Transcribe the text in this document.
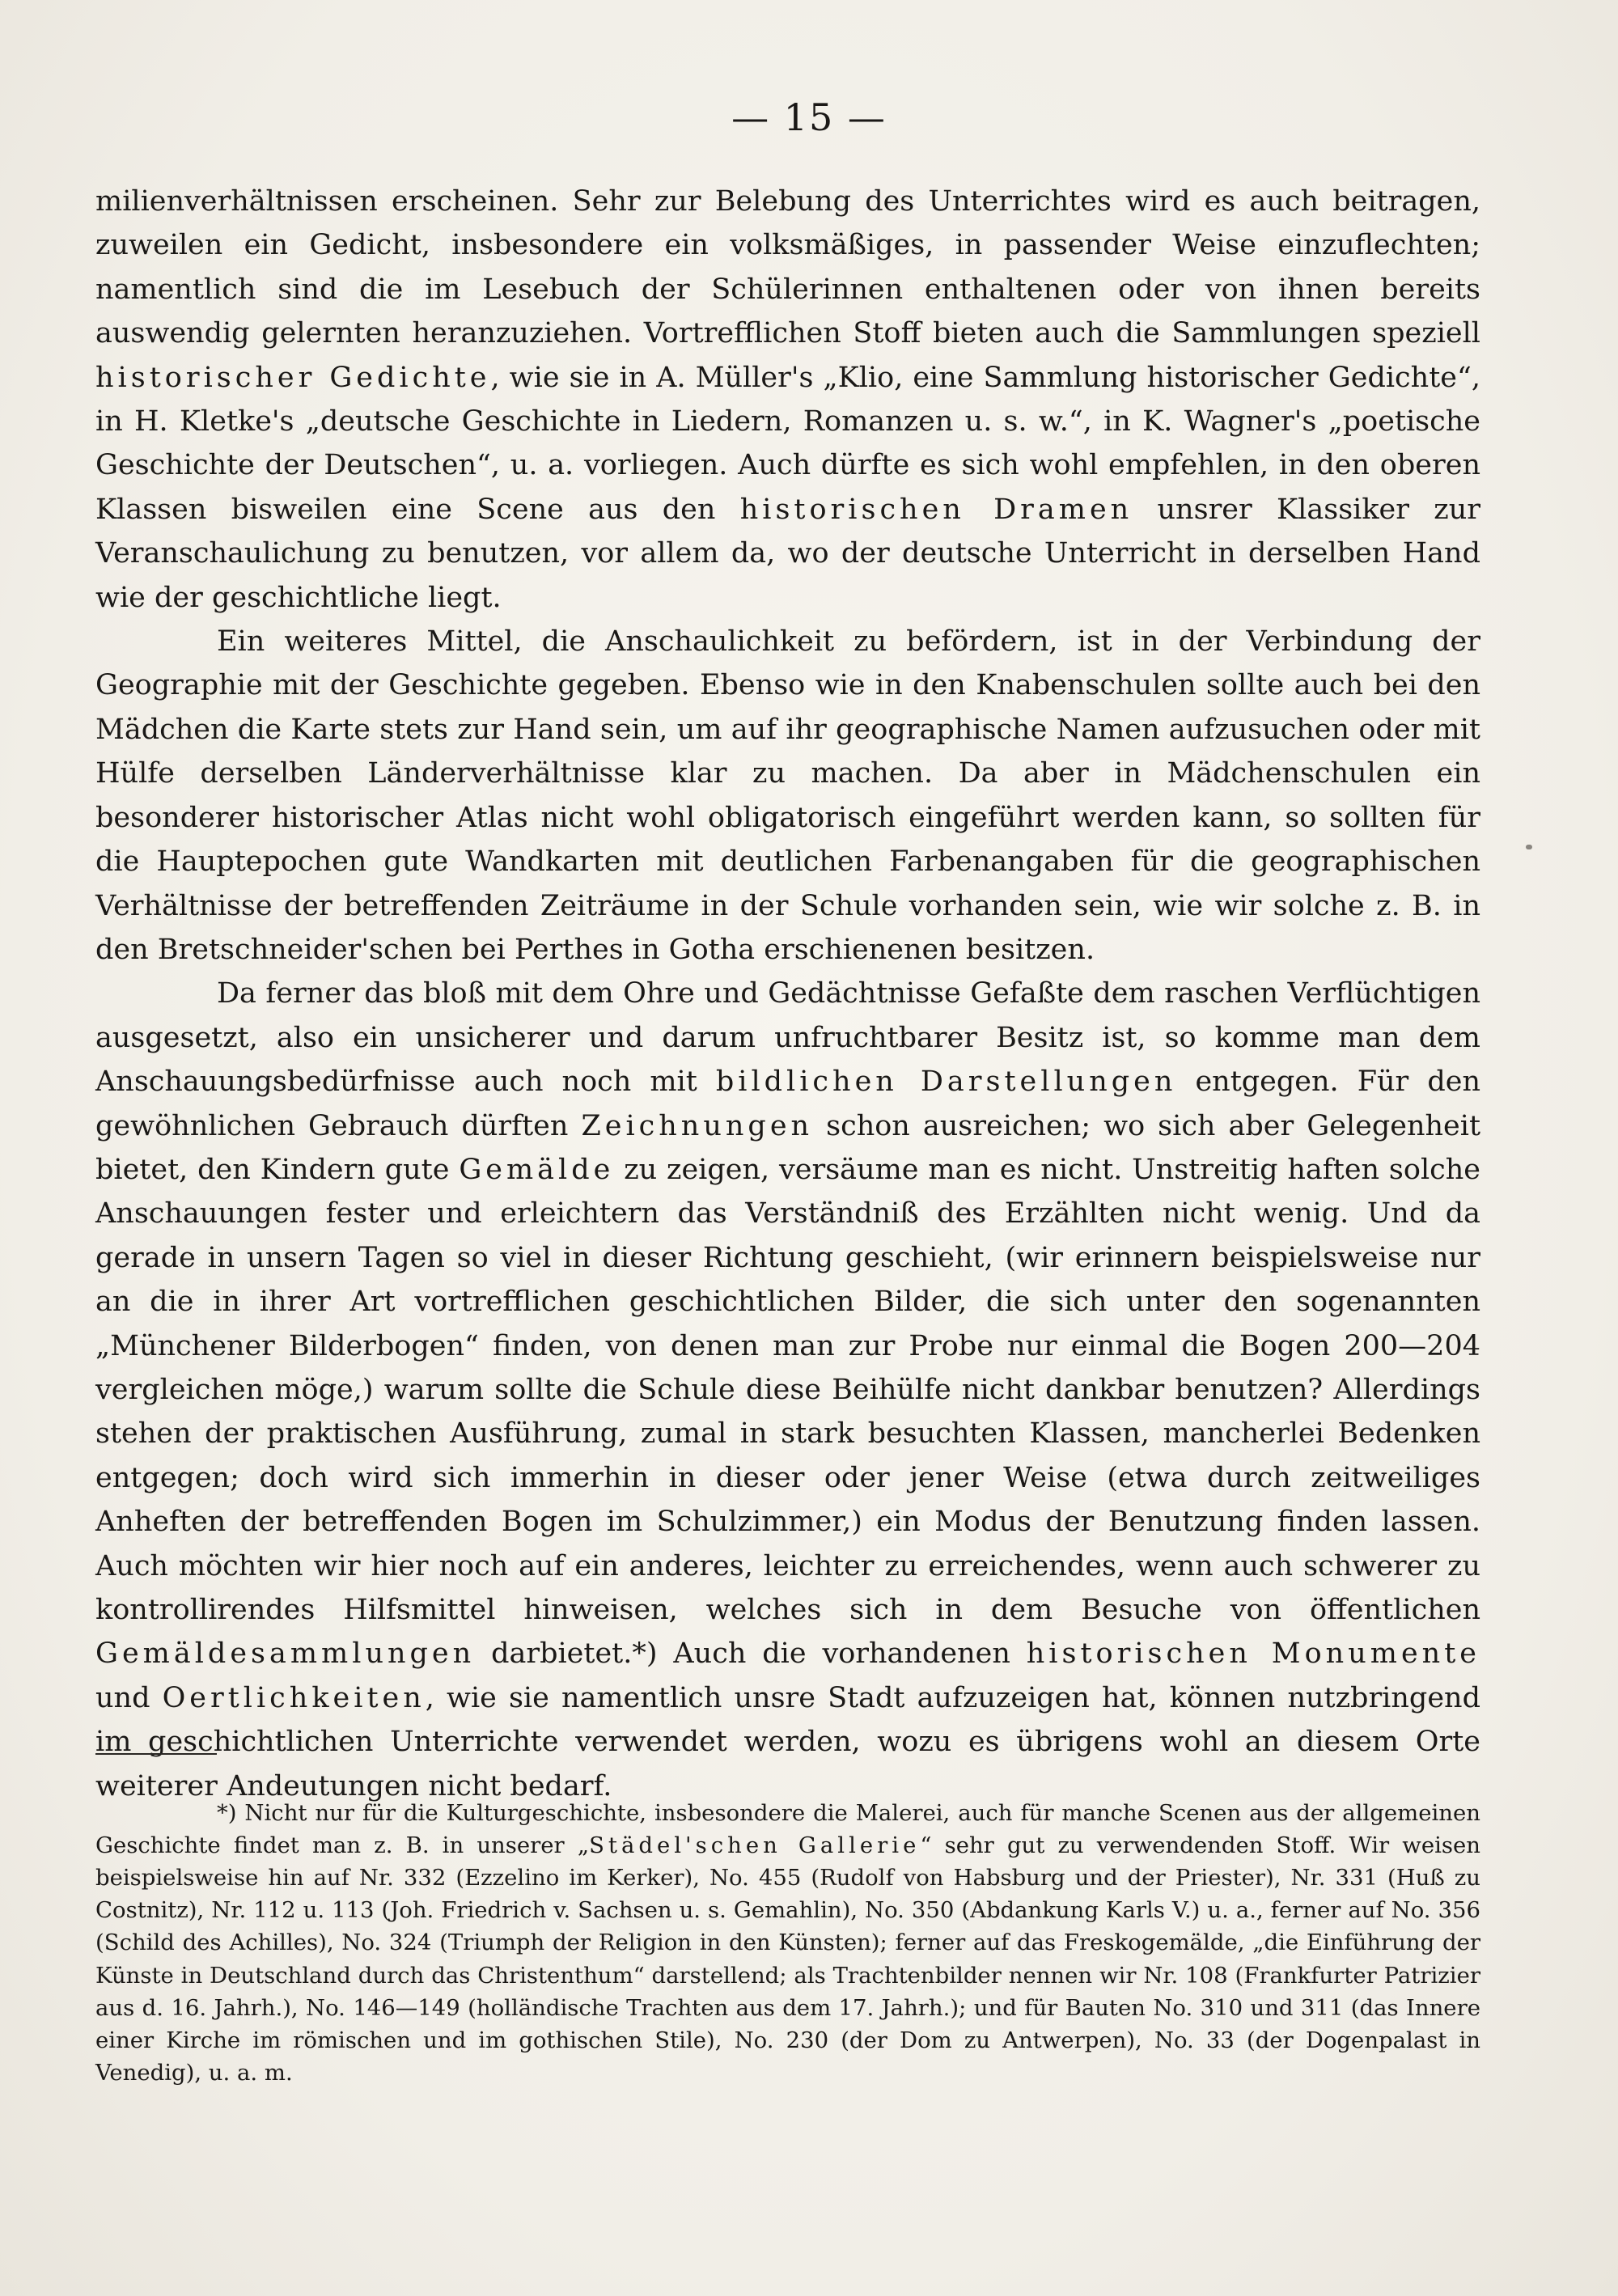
— 15 —

milienverhältnissen erscheinen. Sehr zur Belebung des Unterrichtes wird es auch beitragen, zuweilen ein Gedicht, insbesondere ein volksmäßiges, in passender Weise einzuflechten; namentlich sind die im Lesebuch der Schülerinnen enthaltenen oder von ihnen bereits auswendig gelernten heranzuziehen. Vortrefflichen Stoff bieten auch die Sammlungen speziell historischer Gedichte, wie sie in A. Müller's „Klio, eine Sammlung historischer Gedichte“, in H. Kletke's „deutsche Geschichte in Liedern, Romanzen u. s. w.“, in K. Wagner's „poetische Geschichte der Deutschen“, u. a. vorliegen. Auch dürfte es sich wohl empfehlen, in den oberen Klassen bisweilen eine Scene aus den historischen Dramen unsrer Klassiker zur Veranschaulichung zu benutzen, vor allem da, wo der deutsche Unterricht in derselben Hand wie der geschichtliche liegt.

Ein weiteres Mittel, die Anschaulichkeit zu befördern, ist in der Verbindung der Geographie mit der Geschichte gegeben. Ebenso wie in den Knabenschulen sollte auch bei den Mädchen die Karte stets zur Hand sein, um auf ihr geographische Namen aufzusuchen oder mit Hülfe derselben Länderverhältnisse klar zu machen. Da aber in Mädchenschulen ein besonderer historischer Atlas nicht wohl obligatorisch eingeführt werden kann, so sollten für die Hauptepochen gute Wandkarten mit deutlichen Farbenangaben für die geographischen Verhältnisse der betreffenden Zeiträume in der Schule vorhanden sein, wie wir solche z. B. in den Bretschneider'schen bei Perthes in Gotha erschienenen besitzen.

Da ferner das bloß mit dem Ohre und Gedächtnisse Gefaßte dem raschen Verflüchtigen ausgesetzt, also ein unsicherer und darum unfruchtbarer Besitz ist, so komme man dem Anschauungsbedürfnisse auch noch mit bildlichen Darstellungen entgegen. Für den gewöhnlichen Gebrauch dürften Zeichnungen schon ausreichen; wo sich aber Gelegenheit bietet, den Kindern gute Gemälde zu zeigen, versäume man es nicht. Unstreitig haften solche Anschauungen fester und erleichtern das Verständniß des Erzählten nicht wenig. Und da gerade in unsern Tagen so viel in dieser Richtung geschieht, (wir erinnern beispielsweise nur an die in ihrer Art vortrefflichen geschichtlichen Bilder, die sich unter den sogenannten „Münchener Bilderbogen“ finden, von denen man zur Probe nur einmal die Bogen 200—204 vergleichen möge,) warum sollte die Schule diese Beihülfe nicht dankbar benutzen? Allerdings stehen der praktischen Ausführung, zumal in stark besuchten Klassen, mancherlei Bedenken entgegen; doch wird sich immerhin in dieser oder jener Weise (etwa durch zeitweiliges Anheften der betreffenden Bogen im Schulzimmer,) ein Modus der Benutzung finden lassen. Auch möchten wir hier noch auf ein anderes, leichter zu erreichendes, wenn auch schwerer zu kontrollirendes Hilfsmittel hinweisen, welches sich in dem Besuche von öffentlichen Gemäldesammlungen darbietet.*) Auch die vorhandenen historischen Monumente und Oertlichkeiten, wie sie namentlich unsre Stadt aufzuzeigen hat, können nutzbringend im geschichtlichen Unterrichte verwendet werden, wozu es übrigens wohl an diesem Orte weiterer Andeutungen nicht bedarf.

*) Nicht nur für die Kulturgeschichte, insbesondere die Malerei, auch für manche Scenen aus der allgemeinen Geschichte findet man z. B. in unserer „Städel'schen Gallerie“ sehr gut zu verwendenden Stoff. Wir weisen beispielsweise hin auf Nr. 332 (Ezzelino im Kerker), No. 455 (Rudolf von Habsburg und der Priester), Nr. 331 (Huß zu Costnitz), Nr. 112 u. 113 (Joh. Friedrich v. Sachsen u. s. Gemahlin), No. 350 (Abdankung Karls V.) u. a., ferner auf No. 356 (Schild des Achilles), No. 324 (Triumph der Religion in den Künsten); ferner auf das Freskogemälde, „die Einführung der Künste in Deutschland durch das Christenthum“ darstellend; als Trachtenbilder nennen wir Nr. 108 (Frankfurter Patrizier aus d. 16. Jahrh.), No. 146—149 (holländische Trachten aus dem 17. Jahrh.); und für Bauten No. 310 und 311 (das Innere einer Kirche im römischen und im gothischen Stile), No. 230 (der Dom zu Antwerpen), No. 33 (der Dogenpalast in Venedig), u. a. m.
